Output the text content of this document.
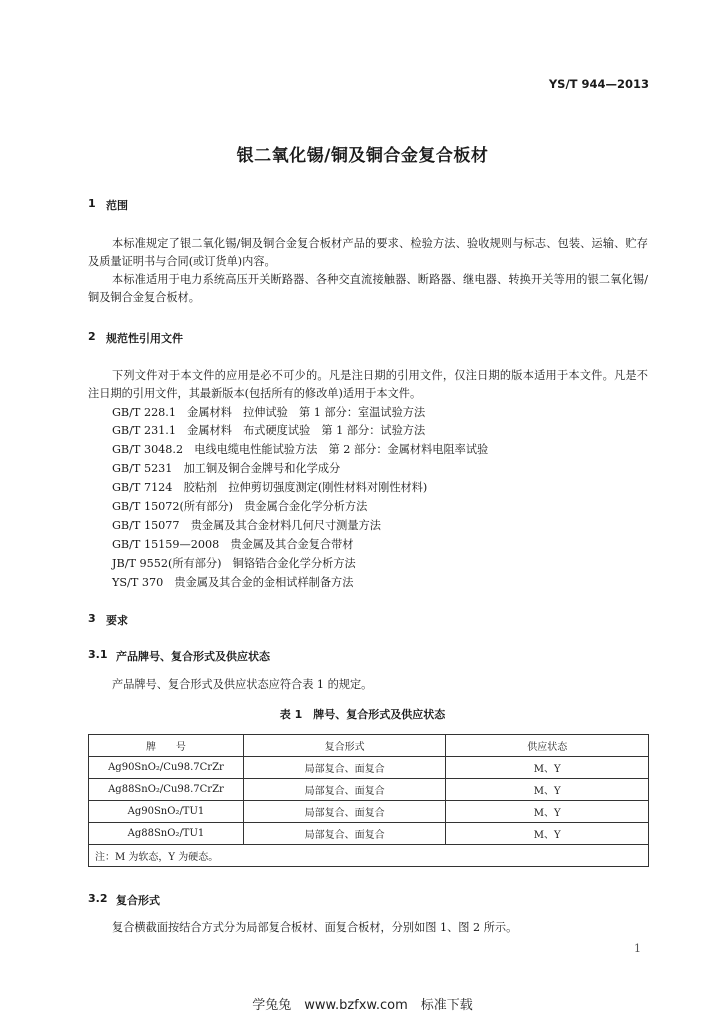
YS/T 944—2013
银二氧化锡/铜及铜合金复合板材
1 范围
本标准规定了银二氧化锡/铜及铜合金复合板材产品的要求、检验方法、验收规则与标志、包装、运输、贮存及质量证明书与合同(或订货单)内容。
本标准适用于电力系统高压开关断路器、各种交直流接触器、断路器、继电器、转换开关等用的银二氧化锡/铜及铜合金复合板材。
2 规范性引用文件
下列文件对于本文件的应用是必不可少的。凡是注日期的引用文件，仅注日期的版本适用于本文件。凡是不注日期的引用文件，其最新版本(包括所有的修改单)适用于本文件。
GB/T 228.1　金属材料　拉伸试验　第 1 部分：室温试验方法
GB/T 231.1　金属材料　布式硬度试验　第 1 部分：试验方法
GB/T 3048.2　电线电缆电性能试验方法　第 2 部分：金属材料电阻率试验
GB/T 5231　加工铜及铜合金牌号和化学成分
GB/T 7124　胶粘剂　拉伸剪切强度测定(刚性材料对刚性材料)
GB/T 15072(所有部分)　贵金属合金化学分析方法
GB/T 15077　贵金属及其合金材料几何尺寸测量方法
GB/T 15159—2008　贵金属及其合金复合带材
JB/T 9552(所有部分)　铜铬锆合金化学分析方法
YS/T 370　贵金属及其合金的金相试样制备方法
3 要求
3.1 产品牌号、复合形式及供应状态
产品牌号、复合形式及供应状态应符合表 1 的规定。
表 1　牌号、复合形式及供应状态
牌　　号	复合形式	供应状态
Ag90SnO₂/Cu98.7CrZr	局部复合、面复合	M、Y
Ag88SnO₂/Cu98.7CrZr	局部复合、面复合	M、Y
Ag90SnO₂/TU1	局部复合、面复合	M、Y
Ag88SnO₂/TU1	局部复合、面复合	M、Y
注：M 为软态，Y 为硬态。		
3.2 复合形式
复合横截面按结合方式分为局部复合板材、面复合板材，分别如图 1、图 2 所示。
1
学兔兔　www.bzfxw.com　标准下载
